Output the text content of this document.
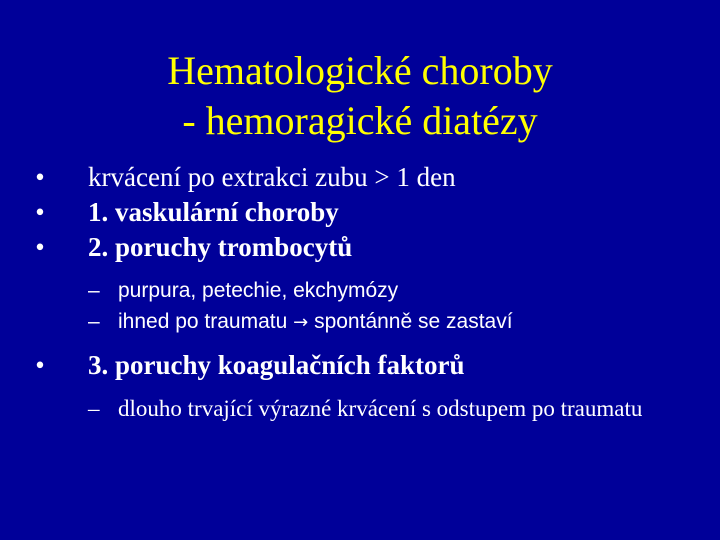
Hematologické choroby
- hemoragické diatézy
• krvácení po extrakci zubu > 1 den
• 1. vaskulární choroby
• 2. poruchy trombocytů
– purpura, petechie, ekchymózy
– ihned po traumatu → spontánně se zastaví
• 3. poruchy koagulačních faktorů
– dlouho trvající výrazné krvácení s odstupem po traumatu
